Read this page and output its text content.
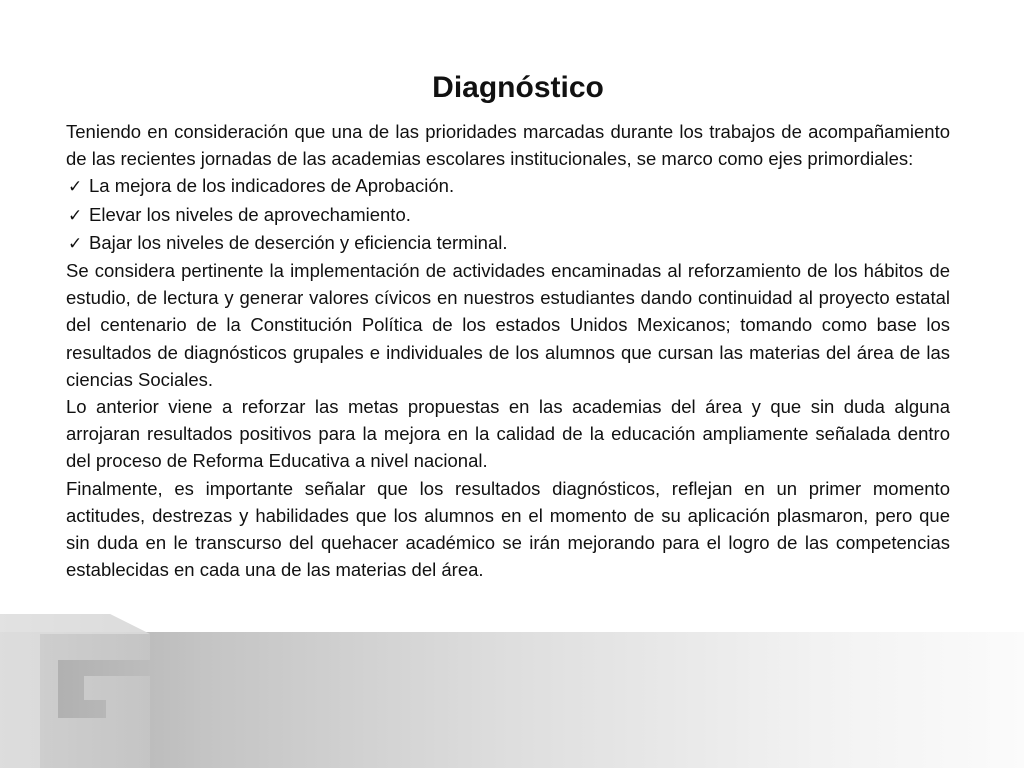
Diagnóstico

Teniendo en consideración que una de las prioridades marcadas durante los trabajos de acompañamiento de las recientes jornadas de las academias escolares institucionales, se marco como ejes primordiales:

✓ La mejora de los indicadores de Aprobación.
✓ Elevar los niveles de aprovechamiento.
✓ Bajar los niveles de deserción y eficiencia terminal.

Se considera pertinente la implementación de actividades encaminadas al reforzamiento de los hábitos de estudio, de lectura y generar valores cívicos en nuestros estudiantes dando continuidad al proyecto estatal del centenario de la Constitución Política de los estados Unidos Mexicanos; tomando como base los resultados de diagnósticos grupales e individuales de los alumnos que cursan las materias del área de las ciencias Sociales.

Lo anterior viene a reforzar las metas propuestas en las academias del área y que sin duda alguna arrojaran resultados positivos para la mejora en la calidad de la educación ampliamente señalada dentro del proceso de Reforma Educativa a nivel nacional.

Finalmente, es importante señalar que los resultados diagnósticos, reflejan en un primer momento actitudes, destrezas y habilidades que los alumnos en el momento de su aplicación plasmaron, pero que sin duda en le transcurso del quehacer académico se irán mejorando para el logro de las competencias establecidas en cada una de las materias del área.
